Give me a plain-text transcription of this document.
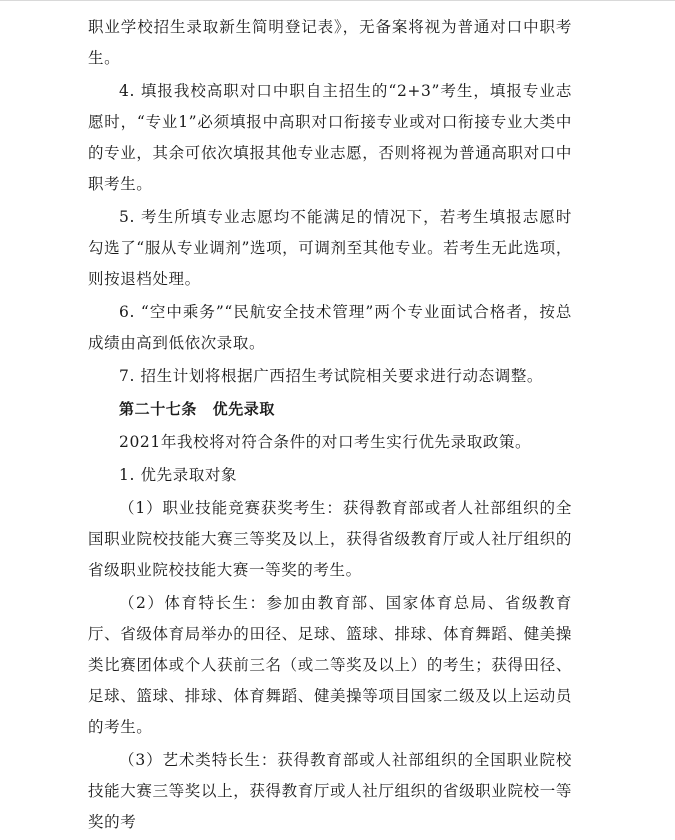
职业学校招生录取新生简明登记表》，无备案将视为普通对口中职考生。

4. 填报我校高职对口中职自主招生的“2+3”考生，填报专业志愿时，“专业1”必须填报中高职对口衔接专业或对口衔接专业大类中的专业，其余可依次填报其他专业志愿，否则将视为普通高职对口中职考生。

5. 考生所填专业志愿均不能满足的情况下，若考生填报志愿时勾选了“服从专业调剂”选项，可调剂至其他专业。若考生无此选项，则按退档处理。

6. “空中乘务”“民航安全技术管理”两个专业面试合格者，按总成绩由高到低依次录取。

7. 招生计划将根据广西招生考试院相关要求进行动态调整。

第二十七条　优先录取

2021年我校将对符合条件的对口考生实行优先录取政策。

1. 优先录取对象

（1）职业技能竞赛获奖考生：获得教育部或者人社部组织的全国职业院校技能大赛三等奖及以上，获得省级教育厅或人社厅组织的省级职业院校技能大赛一等奖的考生。

（2）体育特长生：参加由教育部、国家体育总局、省级教育厅、省级体育局举办的田径、足球、篮球、排球、体育舞蹈、健美操类比赛团体或个人获前三名（或二等奖及以上）的考生；获得田径、足球、篮球、排球、体育舞蹈、健美操等项目国家二级及以上运动员的考生。

（3）艺术类特长生：获得教育部或人社部组织的全国职业院校技能大赛三等奖以上，获得教育厅或人社厅组织的省级职业院校一等奖的考
